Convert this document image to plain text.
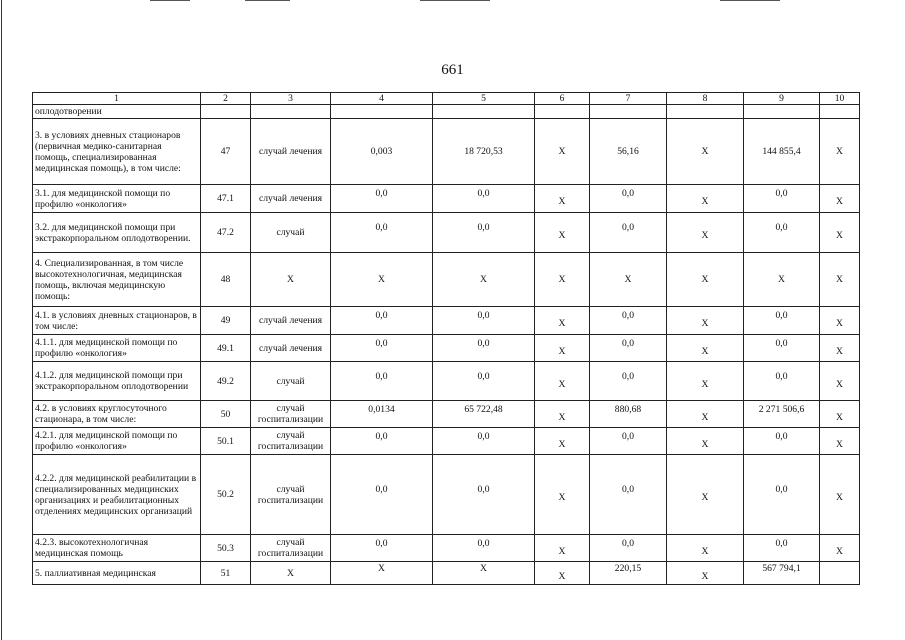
661
1	2	3	4	5	6	7	8	9	10
оплодотворении									
3. в условиях дневных стационаров (первичная медико-санитарная помощь, специализированная медицинская помощь), в том числе:	47	случай лечения	0,003	18 720,53	X	56,16	X	144 855,4	X
3.1. для медицинской помощи по профилю «онкология»	47.1	случай лечения	0,0	0,0	X	0,0	X	0,0	X
3.2. для медицинской помощи при экстракорпоральном оплодотворении.	47.2	случай	0,0	0,0	X	0,0	X	0,0	X
4. Специализированная, в том числе высокотехнологичная, медицинская помощь, включая медицинскую помощь:	48	X	X	X	X	X	X	X	X
4.1. в условиях дневных стационаров, в том числе:	49	случай лечения	0,0	0,0	X	0,0	X	0,0	X
4.1.1. для медицинской помощи по профилю «онкология»	49.1	случай лечения	0,0	0,0	X	0,0	X	0,0	X
4.1.2. для медицинской помощи при экстракорпоральном оплодотворении	49.2	случай	0,0	0,0	X	0,0	X	0,0	X
4.2. в условиях круглосуточного стационара, в том числе:	50	случай госпитализации	0,0134	65 722,48	X	880,68	X	2 271 506,6	X
4.2.1. для медицинской помощи по профилю «онкология»	50.1	случай госпитализации	0,0	0,0	X	0,0	X	0,0	X
4.2.2. для медицинской реабилитации в специализированных медицинских организациях и реабилитационных отделениях медицинских организаций	50.2	случай госпитализации	0,0	0,0	X	0,0	X	0,0	X
4.2.3. высокотехнологичная медицинская помощь	50.3	случай госпитализации	0,0	0,0	X	0,0	X	0,0	X
5. паллиативная медицинская	51	X	X	X	X	220,15	X	567 794,1	
